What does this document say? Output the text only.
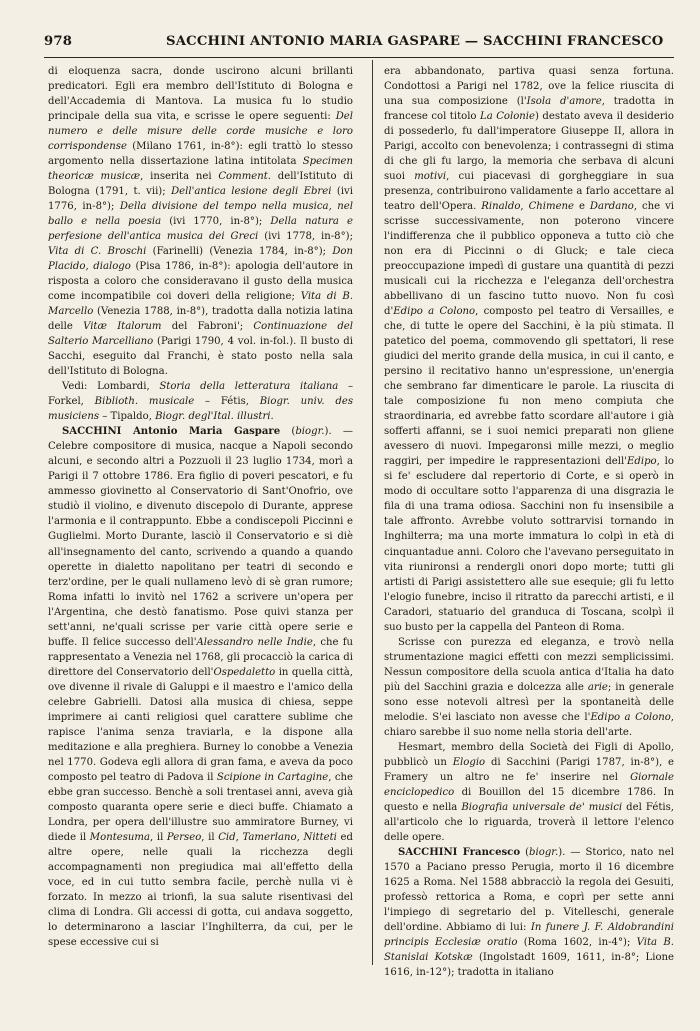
978	SACCHINI ANTONIO MARIA GASPARE — SACCHINI FRANCESCO

di eloquenza sacra, donde uscirono alcuni brillanti predicatori. Egli era membro dell'Istituto di Bologna e dell'Accademia di Mantova. La musica fu lo studio principale della sua vita, e scrisse le opere seguenti: Del numero e delle misure delle corde musiche e loro corrispondense (Milano 1761, in-8°): egli trattò lo stesso argomento nella dissertazione latina intitolata Specimen theoricæ musicæ, inserita nei Comment. dell'Istituto di Bologna (1791, t. vii); Dell'antica lesione degli Ebrei (ivi 1776, in-8°); Della divisione del tempo nella musica, nel ballo e nella poesia (ivi 1770, in-8°); Della natura e perfesione dell'antica musica dei Greci (ivi 1778, in-8°); Vita di C. Broschi (Farinelli) (Venezia 1784, in-8°); Don Placido, dialogo (Pisa 1786, in-8°): apologia dell'autore in risposta a coloro che consideravano il gusto della musica come incompatibile coi doveri della religione; Vita di B. Marcello (Venezia 1788, in-8°), tradotta dalla notizia latina delle Vitæ Italorum del Fabroni'; Continuazione del Salterio Marcelliano (Parigi 1790, 4 vol. in-fol.). Il busto di Sacchi, eseguito dal Franchi, è stato posto nella sala dell'Istituto di Bologna.

Vedi: Lombardi, Storia della letteratura italiana – Forkel, Biblioth. musicale – Fétis, Biogr. univ. des musiciens – Tipaldo, Biogr. degl'Ital. illustri.

SACCHINI Antonio Maria Gaspare (biogr.). — Celebre compositore di musica, nacque a Napoli secondo alcuni, e secondo altri a Pozzuoli il 23 luglio 1734, morì a Parigi il 7 ottobre 1786. Era figlio di poveri pescatori, e fu ammesso giovinetto al Conservatorio di Sant'Onofrio, ove studiò il violino, e divenuto discepolo di Durante, apprese l'armonia e il contrappunto. Ebbe a condiscepoli Piccinni e Guglielmi. Morto Durante, lasciò il Conservatorio e si diè all'insegnamento del canto, scrivendo a quando a quando operette in dialetto napolitano per teatri di secondo e terz'ordine, per le quali nullameno levò di sè gran rumore; Roma infatti lo invitò nel 1762 a scrivere un'opera per l'Argentina, che destò fanatismo. Pose quivi stanza per sett'anni, ne'quali scrisse per varie città opere serie e buffe. Il felice successo dell'Alessandro nelle Indie, che fu rappresentato a Venezia nel 1768, gli procacciò la carica di direttore del Conservatorio dell'Ospedaletto in quella città, ove divenne il rivale di Galuppi e il maestro e l'amico della celebre Gabrielli. Datosi alla musica di chiesa, seppe imprimere ai canti religiosi quel carattere sublime che rapisce l'anima senza traviarla, e la dispone alla meditazione e alla preghiera. Burney lo conobbe a Venezia nel 1770. Godeva egli allora di gran fama, e aveva da poco composto pel teatro di Padova il Scipione in Cartagine, che ebbe gran successo. Benchè a soli trentasei anni, aveva già composto quaranta opere serie e dieci buffe. Chiamato a Londra, per opera dell'illustre suo ammiratore Burney, vi diede il Montesuma, il Perseo, il Cid, Tamerlano, Nitteti ed altre opere, nelle quali la ricchezza degli accompagnamenti non pregiudica mai all'effetto della voce, ed in cui tutto sembra facile, perchè nulla vi è forzato. In mezzo ai trionfi, la sua salute risentivasi del clima di Londra. Gli accessi di gotta, cui andava soggetto, lo determinarono a lasciar l'Inghilterra, da cui, per le spese eccessive cui si

era abbandonato, partiva quasi senza fortuna. Condottosi a Parigi nel 1782, ove la felice riuscita di una sua composizione (l'Isola d'amore, tradotta in francese col titolo La Colonie) destato aveva il desiderio di possederlo, fu dall'imperatore Giuseppe II, allora in Parigi, accolto con benevolenza; i contrassegni di stima di che gli fu largo, la memoria che serbava di alcuni suoi motivi, cui piacevasi di gorgheggiare in sua presenza, contribuirono validamente a farlo accettare al teatro dell'Opera. Rinaldo, Chimene e Dardano, che vi scrisse successivamente, non poterono vincere l'indifferenza che il pubblico opponeva a tutto ciò che non era di Piccinni o di Gluck; e tale cieca preoccupazione impedì di gustare una quantità di pezzi musicali cui la ricchezza e l'eleganza dell'orchestra abbellivano di un fascino tutto nuovo. Non fu così d'Edipo a Colono, composto pel teatro di Versailles, e che, di tutte le opere del Sacchini, è la più stimata. Il patetico del poema, commovendo gli spettatori, li rese giudici del merito grande della musica, in cui il canto, e persino il recitativo hanno un'espressione, un'energia che sembrano far dimenticare le parole. La riuscita di tale composizione fu non meno compiuta che straordinaria, ed avrebbe fatto scordare all'autore i già sofferti affanni, se i suoi nemici preparati non gliene avessero di nuovi. Impegaronsi mille mezzi, o meglio raggiri, per impedire le rappresentazioni dell'Edipo, lo si fe' escludere dal repertorio di Corte, e si operò in modo di occultare sotto l'apparenza di una disgrazia le fila di una trama odiosa. Sacchini non fu insensibile a tale affronto. Avrebbe voluto sottrarvisi tornando in Inghilterra; ma una morte immatura lo colpì in età di cinquantadue anni. Coloro che l'avevano perseguitato in vita riunironsi a rendergli onori dopo morte; tutti gli artisti di Parigi assistettero alle sue esequie; gli fu letto l'elogio funebre, inciso il ritratto da parecchi artisti, e il Caradori, statuario del granduca di Toscana, scolpì il suo busto per la cappella del Panteon di Roma.

Scrisse con purezza ed eleganza, e trovò nella strumentazione magici effetti con mezzi semplicissimi. Nessun compositore della scuola antica d'Italia ha dato più del Sacchini grazia e dolcezza alle arie; in generale sono esse notevoli altresì per la spontaneità delle melodie. S'ei lasciato non avesse che l'Edipo a Colono, chiaro sarebbe il suo nome nella storia dell'arte.

Hesmart, membro della Società dei Figli di Apollo, pubblicò un Elogio di Sacchini (Parigi 1787, in-8°), e Framery un altro ne fe' inserire nel Giornale enciclopedico di Bouillon del 15 dicembre 1786. In questo e nella Biografia universale de' musici del Fétis, all'articolo che lo riguarda, troverà il lettore l'elenco delle opere.

SACCHINI Francesco (biogr.). — Storico, nato nel 1570 a Paciano presso Perugia, morto il 16 dicembre 1625 a Roma. Nel 1588 abbracciò la regola dei Gesuiti, professò rettorica a Roma, e coprì per sette anni l'impiego di segretario del p. Vitelleschi, generale dell'ordine. Abbiamo di lui: In funere J. F. Aldobrandini principis Ecclesiæ oratio (Roma 1602, in-4°); Vita B. Stanislai Kotskæ (Ingolstadt 1609, 1611, in-8°; Lione 1616, in-12°); tradotta in italiano
